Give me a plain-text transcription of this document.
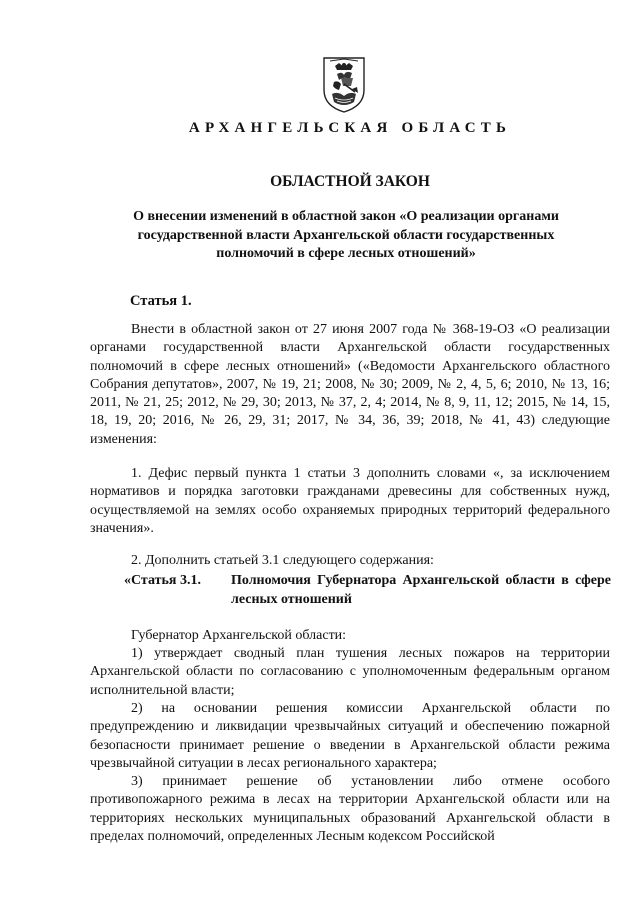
АРХАНГЕЛЬСКАЯ ОБЛАСТЬ
ОБЛАСТНОЙ ЗАКОН
О внесении изменений в областной закон «О реализации органами государственной власти Архангельской области государственных полномочий в сфере лесных отношений»
Статья 1.

Внести в областной закон от 27 июня 2007 года № 368-19-ОЗ «О реализации органами государственной власти Архангельской области государственных полномочий в сфере лесных отношений» («Ведомости Архангельского областного Собрания депутатов», 2007, № 19, 21; 2008, № 30; 2009, № 2, 4, 5, 6; 2010, № 13, 16; 2011, № 21, 25; 2012, № 29, 30; 2013, № 37, 2, 4; 2014, № 8, 9, 11, 12; 2015, № 14, 15, 18, 19, 20; 2016, № 26, 29, 31; 2017, № 34, 36, 39; 2018, № 41, 43) следующие изменения:

1. Дефис первый пункта 1 статьи 3 дополнить словами «, за исключением нормативов и порядка заготовки гражданами древесины для собственных нужд, осуществляемой на землях особо охраняемых природных территорий федерального значения».

2. Дополнить статьей 3.1 следующего содержания:

«Статья 3.1. Полномочия Губернатора Архангельской области в сфере лесных отношений

Губернатор Архангельской области:

1) утверждает сводный план тушения лесных пожаров на территории Архангельской области по согласованию с уполномоченным федеральным органом исполнительной власти;

2) на основании решения комиссии Архангельской области по предупреждению и ликвидации чрезвычайных ситуаций и обеспечению пожарной безопасности принимает решение о введении в Архангельской области режима чрезвычайной ситуации в лесах регионального характера;

3) принимает решение об установлении либо отмене особого противопожарного режима в лесах на территории Архангельской области или на территориях нескольких муниципальных образований Архангельской области в пределах полномочий, определенных Лесным кодексом Российской
